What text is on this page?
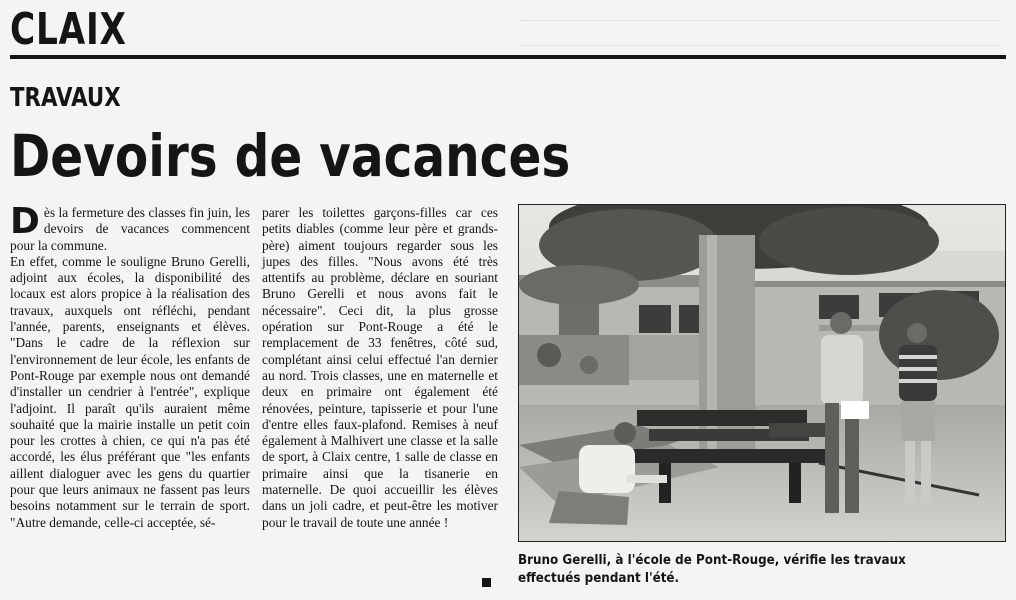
CLAIX
TRAVAUX
Devoirs de vacances
D ès la fermeture des classes fin juin, les devoirs de vacances commencent pour la commune.

En effet, comme le souligne Bruno Gerelli, adjoint aux écoles, la disponibilité des locaux est alors propice à la réalisation des travaux, auxquels ont réfléchi, pendant l'année, parents, enseignants et élèves. "Dans le cadre de la réflexion sur l'environnement de leur école, les enfants de Pont-Rouge par exemple nous ont demandé d'installer un cendrier à l'entrée", explique l'adjoint. Il paraît qu'ils auraient même souhaité que la mairie installe un petit coin pour les crottes à chien, ce qui n'a pas été accordé, les élus préférant que "les enfants aillent dialoguer avec les gens du quartier pour que leurs animaux ne fassent pas leurs besoins notamment sur le terrain de sport. "Autre demande, celle-ci acceptée, sé-

parer les toilettes garçons-filles car ces petits diables (comme leur père et grands-père) aiment toujours regarder sous les jupes des filles. "Nous avons été très attentifs au problème, déclare en souriant Bruno Gerelli et nous avons fait le nécessaire". Ceci dit, la plus grosse opération sur Pont-Rouge a été le remplacement de 33 fenêtres, côté sud, complétant ainsi celui effectué l'an dernier au nord. Trois classes, une en maternelle et deux en primaire ont également été rénovées, peinture, tapisserie et pour l'une d'entre elles faux-plafond. Remises à neuf également à Malhivert une classe et la salle de sport, à Claix centre, 1 salle de classe en primaire ainsi que la tisanerie en maternelle. De quoi accueillir les élèves dans un joli cadre, et peut-être les motiver pour le travail de toute une année !

Bruno Gerelli, à l'école de Pont-Rouge, vérifie les travaux effectués pendant l'été.
